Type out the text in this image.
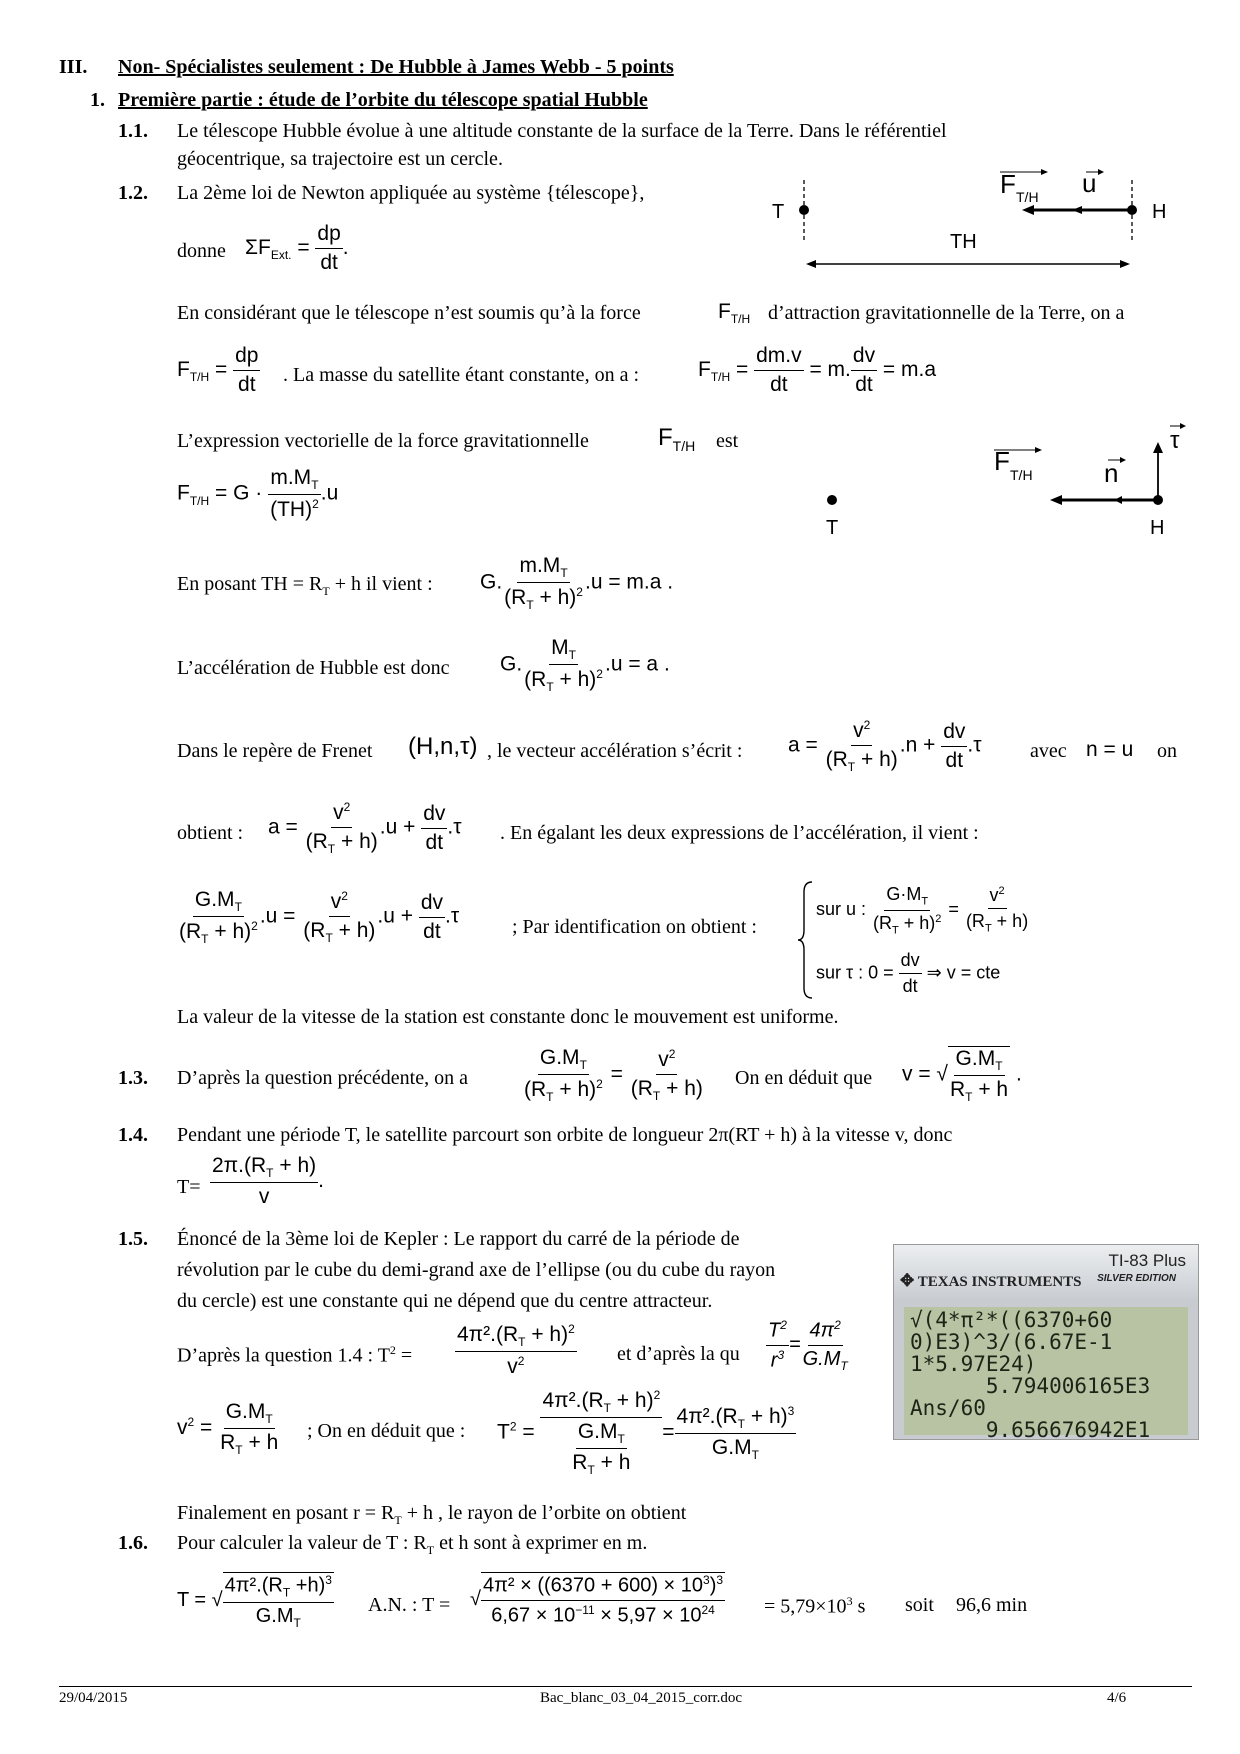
III. Non- Spécialistes seulement : De Hubble à James Webb - 5 points
1. Première partie : étude de l’orbite du télescope spatial Hubble
1.1. Le télescope Hubble évolue à une altitude constante de la surface de la Terre. Dans le référentiel
géocentrique, sa trajectoire est un cercle.
1.2. La 2ème loi de Newton appliquée au système {télescope},
donne $\Sigma F_{Ext.} = \frac{dp}{dt}$ .
T	H
TH
F T/H u
En considérant que le télescope n’est soumis qu’à la force	$F_{T/H}$ d’attraction gravitationnelle de la Terre, on a
$F_{T/H} = \frac{dp}{dt}$ . La masse du satellite étant constante, on a :	$F_{T/H} = \frac{dm.v}{dt} = m$. $\frac{dv}{dt} = m.a$
L’expression vectorielle de la force gravitationnelle	$F_{T/H}$ est
$F_{T/H} = G \cdot \frac{m.M_T}{(TH)^2} .u$
T	H
F T/H	n
τ
En posant TH = $R_T + h$ il vient : G. $\frac{m.M_T}{(R_T + h)^2} .u = m.a$ .
L’accélération de Hubble est donc G. $\frac{M_T}{(R_T + h)^2} .u = a$ .
Dans le repère de Frenet (H,n,τ) , le vecteur accélération s’écrit : $a = \frac{v^2}{(R_T + h)} .n + \frac{dv}{dt} .\tau$ avec n = u on
obtient : $a = \frac{v^2}{(R_T + h)} .u + \frac{dv}{dt} .\tau$ . En égalant les deux expressions de l’accélération, il vient :
$\frac{G.M_T}{(R_T + h)^2} .u = \frac{v^2}{(R_T + h)} .u + \frac{dv}{dt} .\tau$	; Par identification on obtient :
sur u : $\frac{G\cdot M_T}{(R_T + h)^2} = \frac{v^2}{(R_T + h)}$
sur τ : $0 = \frac{dv}{dt}$ ⇒ v = cte
La valeur de la vitesse de la station est constante donc le mouvement est uniforme.
1.3. D’après la question précédente, on a	$\frac{G.M_T}{(R_T + h)^2} = \frac{v^2}{(R_T + h)}$ On en déduit que v = √ $\frac{G.M_T}{R_T + h}$ .
1.4. Pendant une période T, le satellite parcourt son orbite de longueur 2π(RT + h) à la vitesse v, donc
$T= \frac{2\pi.(R_T + h)}{v}$ .
1.5. Énoncé de la 3ème loi de Kepler : Le rapport du carré de la période de
révolution par le cube du demi-grand axe de l’ellipse (ou du cube du rayon
du cercle) est une constante qui ne dépend que du centre attracteur.
D’après la question 1.4 : $T^2 = \frac{4\pi^2.(R_T + h)^2}{v^2}$ et d’après la qu $\frac{T^2}{r^3} = \frac{4\pi^2}{G.M_T}$
$v^2 = \frac{G.M_T}{R_T + h}$ ; On en déduit que : $T^2 = \frac{4\pi^2.(R_T + h)^2}{\frac{G.M_T}{R_T + h}} = \frac{4\pi^2.(R_T + h)^3}{G.M_T}$
TI-83 Plus
SILVER EDITION
✥ TEXAS INSTRUMENTS
√(4*π²*((6370+60
0)E3)^3/(6.67E-1
1*5.97E24)
5.794006165E3
Ans/60
9.656676942E1
Finalement en posant $r = R_T + h$ , le rayon de l’orbite on obtient
1.6. Pour calculer la valeur de T : $R_T$ et h sont à exprimer en m.
T = √ $\frac{4\pi^2.(R_T +h)^3}{G.M_T} A.N$. : T = √ $\frac{4\pi^2 \times ((6370 + 600) \times 10^3)^3}{6,67 \times 10^{-11} \times 5,97 \times 10^{24}} = 5,79\times 10^3$ s soit 96,6 min
29/04/2015	Bac_blanc_03_04_2015_corr.doc	4/6
